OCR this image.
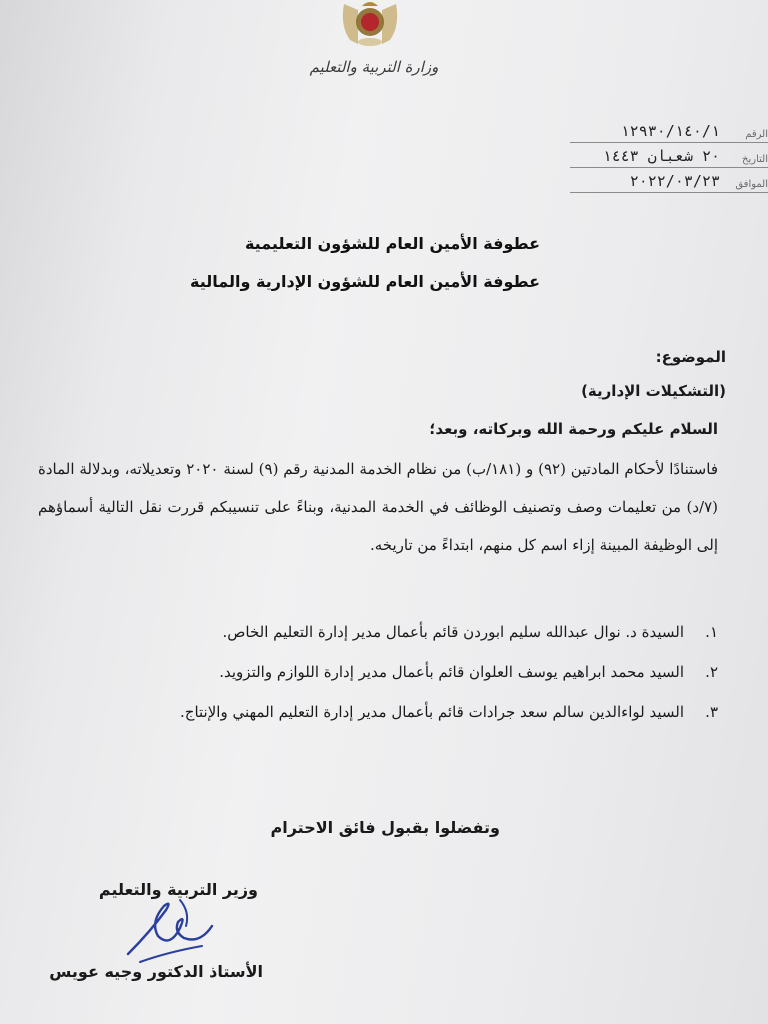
وزارة التربية والتعليم
الرقم
١٢٩٣٠/١٤٠/١
التاريخ
٢٠ شعبان ١٤٤٣
الموافق
٢٠٢٢/٠٣/٢٣
عطوفة الأمين العام للشؤون التعليمية
عطوفة الأمين العام للشؤون الإدارية والمالية
الموضوع:
(التشكيلات الإدارية)
السلام عليكم ورحمة الله وبركاته، وبعد؛
فاستنادًا لأحكام المادتين (٩٢) و (١٨١/ب) من نظام الخدمة المدنية رقم (٩) لسنة ٢٠٢٠ وتعديلاته، وبدلالة المادة (٧/د) من تعليمات وصف وتصنيف الوظائف في الخدمة المدنية، وبناءً على تنسيبكم قررت نقل التالية أسماؤهم إلى الوظيفة المبينة إزاء اسم كل منهم، ابتداءً من تاريخه.
١.
السيدة د. نوال عبدالله سليم ابوردن قائم بأعمال مدير إدارة التعليم الخاص.
٢.
السيد محمد ابراهيم يوسف العلوان قائم بأعمال مدير إدارة اللوازم والتزويد.
٣.
السيد لواءالدين سالم سعد جرادات قائم بأعمال مدير إدارة التعليم المهني والإنتاج.
وتفضلوا بقبول فائق الاحترام
وزير التربية والتعليم
الأستاذ الدكتور وجيه عويس
